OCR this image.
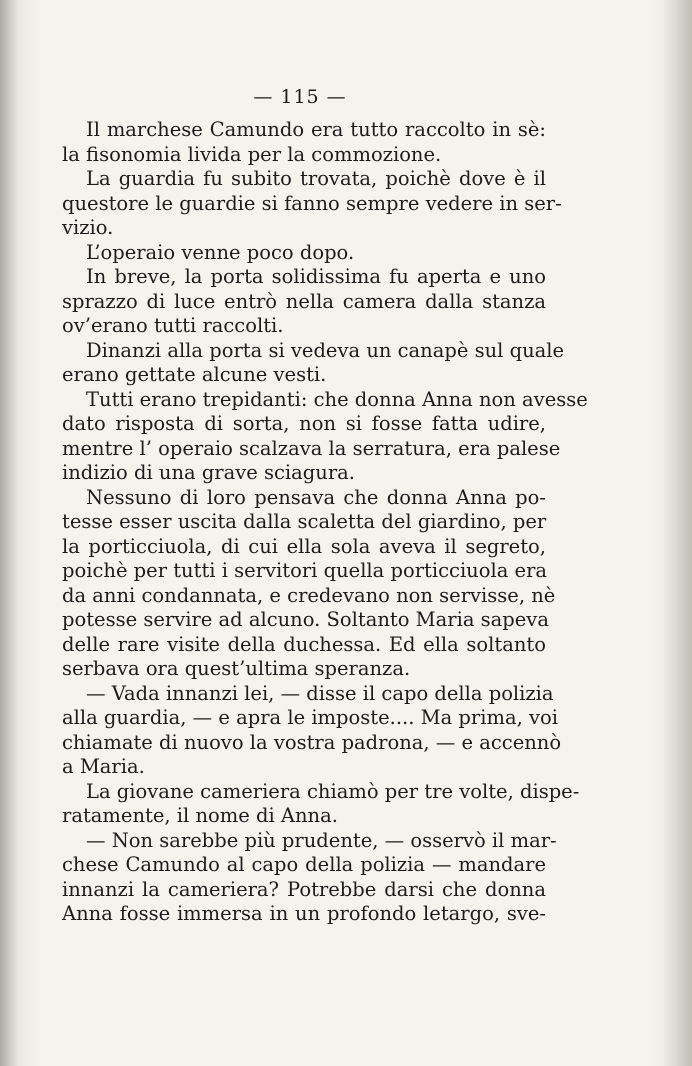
— 115 —
Il marchese Camundo era tutto raccolto in sè:
la fisonomia livida per la commozione.
La guardia fu subito trovata, poichè dove è il
questore le guardie si fanno sempre vedere in ser-
vizio.
L’operaio venne poco dopo.
In breve, la porta solidissima fu aperta e uno
sprazzo di luce entrò nella camera dalla stanza
ov’erano tutti raccolti.
Dinanzi alla porta si vedeva un canapè sul quale
erano gettate alcune vesti.
Tutti erano trepidanti: che donna Anna non avesse
dato risposta di sorta, non si fosse fatta udire,
mentre l’ operaio scalzava la serratura, era palese
indizio di una grave sciagura.
Nessuno di loro pensava che donna Anna po-
tesse esser uscita dalla scaletta del giardino, per
la porticciuola, di cui ella sola aveva il segreto,
poichè per tutti i servitori quella porticciuola era
da anni condannata, e credevano non servisse, nè
potesse servire ad alcuno. Soltanto Maria sapeva
delle rare visite della duchessa. Ed ella soltanto
serbava ora quest’ultima speranza.
— Vada innanzi lei, — disse il capo della polizia
alla guardia, — e apra le imposte.... Ma prima, voi
chiamate di nuovo la vostra padrona, — e accennò
a Maria.
La giovane cameriera chiamò per tre volte, dispe-
ratamente, il nome di Anna.
— Non sarebbe più prudente, — osservò il mar-
chese Camundo al capo della polizia — mandare
innanzi la cameriera? Potrebbe darsi che donna
Anna fosse immersa in un profondo letargo, sve-
